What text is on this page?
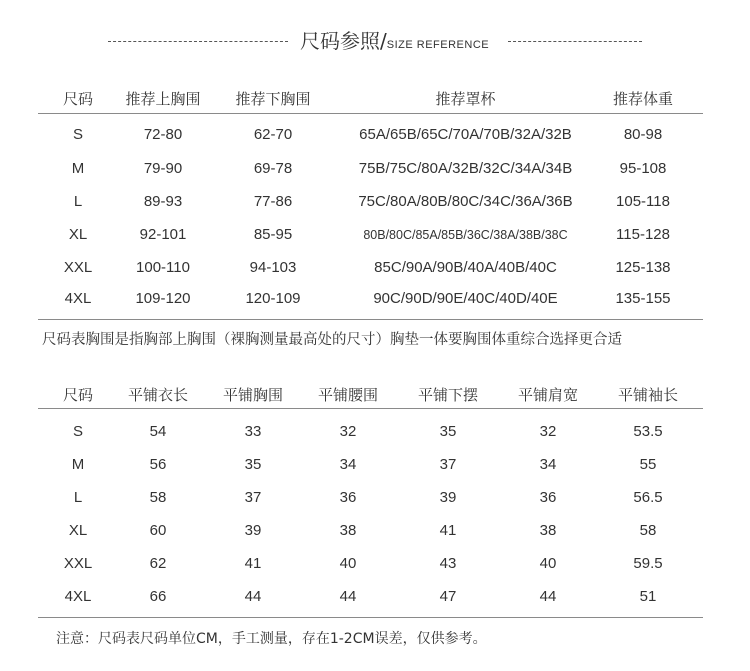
尺码参照/SIZE REFERENCE
尺码	推荐上胸围	推荐下胸围	推荐罩杯	推荐体重
S	72-80	62-70	65A/65B/65C/70A/70B/32A/32B	80-98
M	79-90	69-78	75B/75C/80A/32B/32C/34A/34B	95-108
L	89-93	77-86	75C/80A/80B/80C/34C/36A/36B	105-118
XL	92-101	85-95	80B/80C/85A/85B/36C/38A/38B/38C	115-128
XXL	100-110	94-103	85C/90A/90B/40A/40B/40C	125-138
4XL	109-120	120-109	90C/90D/90E/40C/40D/40E	135-155
尺码表胸围是指胸部上胸围（裸胸测量最高处的尺寸）胸垫一体要胸围体重综合选择更合适
尺码	平铺衣长	平铺胸围	平铺腰围	平铺下摆	平铺肩宽	平铺袖长
S	54	33	32	35	32	53.5
M	56	35	34	37	34	55
L	58	37	36	39	36	56.5
XL	60	39	38	41	38	58
XXL	62	41	40	43	40	59.5
4XL	66	44	44	47	44	51
注意：尺码表尺码单位CM，手工测量，存在1-2CM误差，仅供参考。
